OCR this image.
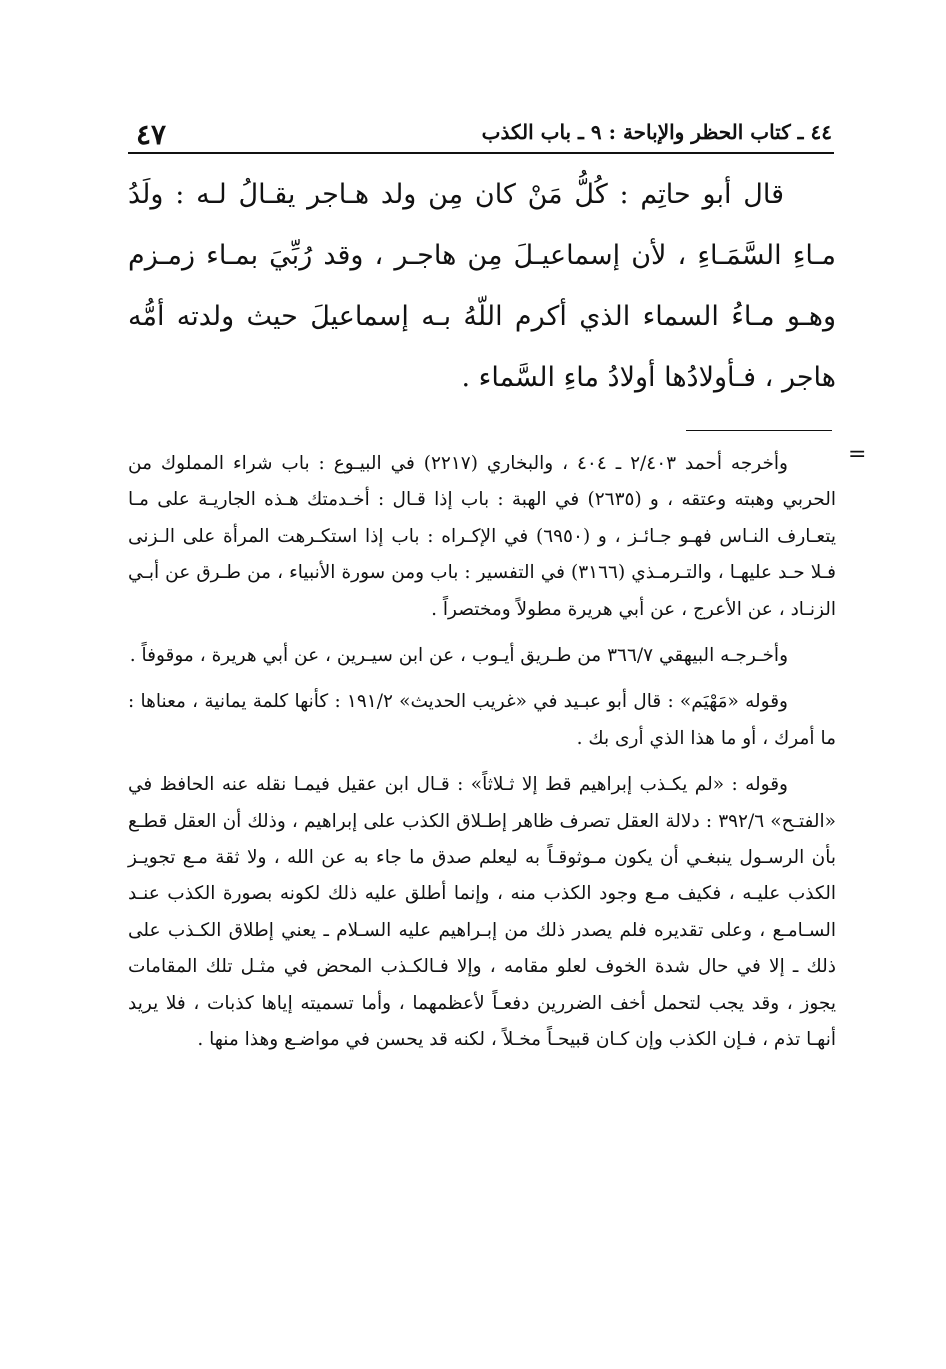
٤٧	٤٤ ـ كتاب الحظر والإباحة : ٩ ـ باب الكذب

قال أبو حاتِم : كُلُّ مَنْ كان مِن ولد هـاجر يقـالُ لـه : ولَدُ مـاءِ السَّمَـاءِ ، لأن إسماعيـلَ مِن هاجـر ، وقد رُبِّيَ بمـاء زمـزم وهـو مـاءُ السماء الذي أكرم اللّهُ بـه إسماعيلَ حيث ولدته أمُّه هاجر ، فـأولادُها أولادُ ماءِ السَّماء .

=

وأخرجه أحمد ٢/٤٠٣ ـ ٤٠٤ ، والبخاري (٢٢١٧) في البيـوع : باب شراء المملوك من الحربي وهبته وعتقه ، و (٢٦٣٥) في الهبة : باب إذا قـال : أخـدمتك هـذه الجاريـة على مـا يتعـارف النـاس فهـو جـائـز ، و (٦٩٥٠) في الإكـراه : باب إذا استكـرهت المرأة على الـزنى فـلا حـد عليهـا ، والتـرمـذي (٣١٦٦) في التفسير : باب ومن سورة الأنبياء ، من طـرق عن أبـي الزنـاد ، عن الأعرج ، عن أبي هريرة مطولاً ومختصراً .

وأخـرجـه البيهقي ٣٦٦/٧ من طـريق أيـوب ، عن ابن سيـرين ، عن أبي هريرة ، موقوفاً .

وقوله «مَهْيَم» : قال أبو عبـيد في «غريب الحديث» ١٩١/٢ : كأنها كلمة يمانية ، معناها : ما أمرك ، أو ما هذا الذي أرى بك .

وقوله : «لم يكـذب إبراهيم قط إلا ثـلاثاً» : قـال ابن عقيل فيمـا نقله عنه الحافظ في «الفتـح» ٣٩٢/٦ : دلالة العقل تصرف ظاهر إطـلاق الكذب على إبراهيم ، وذلك أن العقل قطـع بأن الرسـول ينبغـي أن يكون مـوثوقـاً به ليعلم صدق ما جاء به عن الله ، ولا ثقة مـع تجويـز الكذب عليـه ، فكيف مـع وجود الكذب منه ، وإنما أطلق عليه ذلك لكونه بصورة الكذب عنـد السـامـع ، وعلى تقديره فلم يصدر ذلك من إبـراهيم عليه السـلام ـ يعني إطلاق الكـذب على ذلك ـ إلا في حال شدة الخوف لعلو مقامه ، وإلا فـالكـذب المحض في مثـل تلك المقامات يجوز ، وقد يجب لتحمل أخف الضررين دفعـاً لأعظمهما ، وأما تسميته إياها كذبات ، فلا يريد أنهـا تذم ، فـإن الكذب وإن كـان قبيحـاً مخـلاً ، لكنه قد يحسن في مواضـع وهذا منها .
